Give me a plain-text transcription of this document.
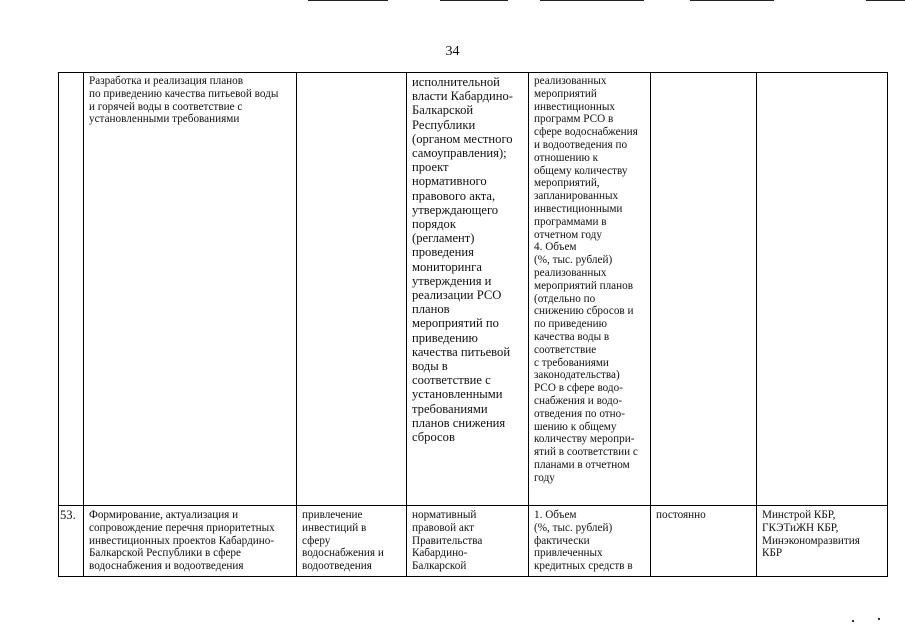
34
Разработка и реализация планов
по приведению качества питьевой воды
и горячей воды в соответствие с
установленными требованиями
исполнительной
власти Кабардино-
Балкарской
Республики
(органом местного
самоуправления);
проект
нормативного
правового акта,
утверждающего
порядок
(регламент)
проведения
мониторинга
утверждения и
реализации РСО
планов
мероприятий по
приведению
качества питьевой
воды в
соответствие с
установленными
требованиями
планов снижения
сбросов
реализованных
мероприятий
инвестиционных
программ РСО в
сфере водоснабжения
и водоотведения по
отношению к
общему количеству
мероприятий,
запланированных
инвестиционными
программами в
отчетном году
4. Объем
(%, тыс. рублей)
реализованных
мероприятий планов
(отдельно по
снижению сбросов и
по приведению
качества воды в
соответствие
с требованиями
законодательства)
РСО в сфере водо-
снабжения и водо-
отведения по отно-
шению к общему
количеству меропри-
ятий в соответствии с
планами в отчетном
году
53.	Формирование, актуализация и
сопровождение перечня приоритетных
инвестиционных проектов Кабардино-
Балкарской Республики в сфере
водоснабжения и водоотведения
привлечение
инвестиций в
сферу
водоснабжения и
водоотведения
нормативный
правовой акт
Правительства
Кабардино-
Балкарской
1. Объем
(%, тыс. рублей)
фактически
привлеченных
кредитных средств в
постоянно	Минстрой КБР,
ГКЭТиЖН КБР,
Минэкономразвития
КБР
